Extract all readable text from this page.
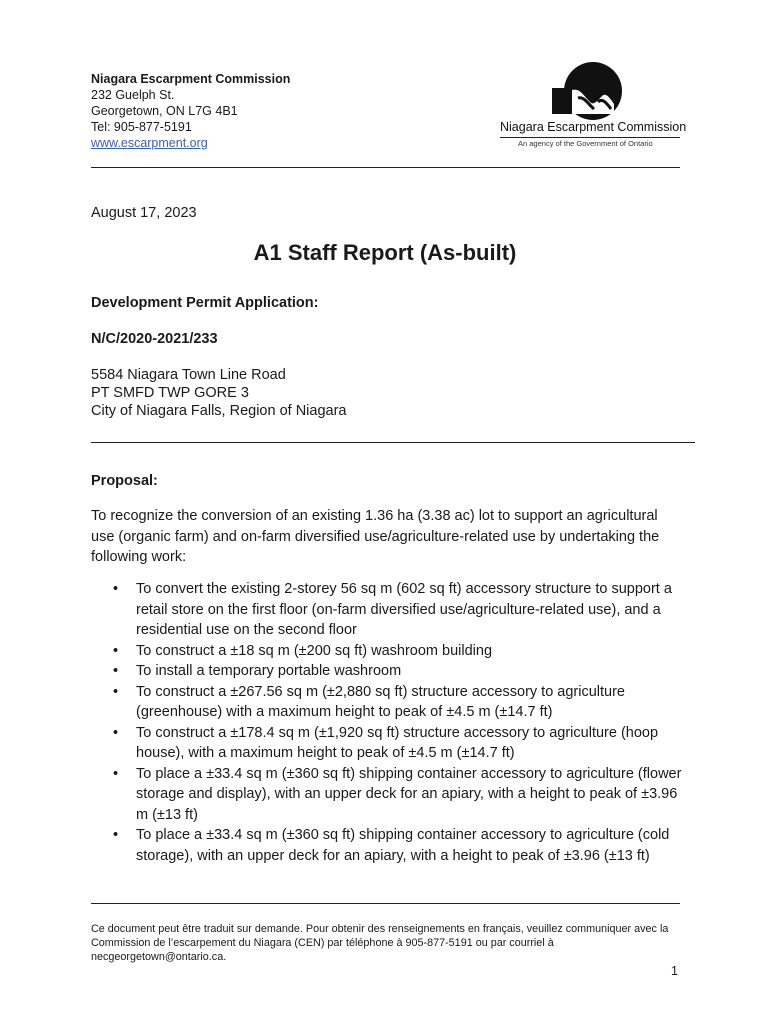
Niagara Escarpment Commission
232 Guelph St.
Georgetown, ON L7G 4B1
Tel: 905-877-5191
www.escarpment.org
Niagara Escarpment Commission
An agency of the Government of Ontario
August 17, 2023
A1 Staff Report (As-built)
Development Permit Application:
N/C/2020-2021/233
5584 Niagara Town Line Road
PT SMFD TWP GORE 3
City of Niagara Falls, Region of Niagara
Proposal:
To recognize the conversion of an existing 1.36 ha (3.38 ac) lot to support an agricultural use (organic farm) and on-farm diversified use/agriculture-related use by undertaking the following work:
• To convert the existing 2-storey 56 sq m (602 sq ft) accessory structure to support a retail store on the first floor (on-farm diversified use/agriculture-related use), and a residential use on the second floor
• To construct a ±18 sq m (±200 sq ft) washroom building
• To install a temporary portable washroom
• To construct a ±267.56 sq m (±2,880 sq ft) structure accessory to agriculture (greenhouse) with a maximum height to peak of ±4.5 m (±14.7 ft)
• To construct a ±178.4 sq m (±1,920 sq ft) structure accessory to agriculture (hoop house), with a maximum height to peak of ±4.5 m (±14.7 ft)
• To place a ±33.4 sq m (±360 sq ft) shipping container accessory to agriculture (flower storage and display), with an upper deck for an apiary, with a height to peak of ±3.96 m (±13 ft)
• To place a ±33.4 sq m (±360 sq ft) shipping container accessory to agriculture (cold storage), with an upper deck for an apiary, with a height to peak of ±3.96 (±13 ft)
Ce document peut être traduit sur demande. Pour obtenir des renseignements en français, veuillez communiquer avec la Commission de l’escarpement du Niagara (CEN) par téléphone à 905-877-5191 ou par courriel à necgeorgetown@ontario.ca.
1
